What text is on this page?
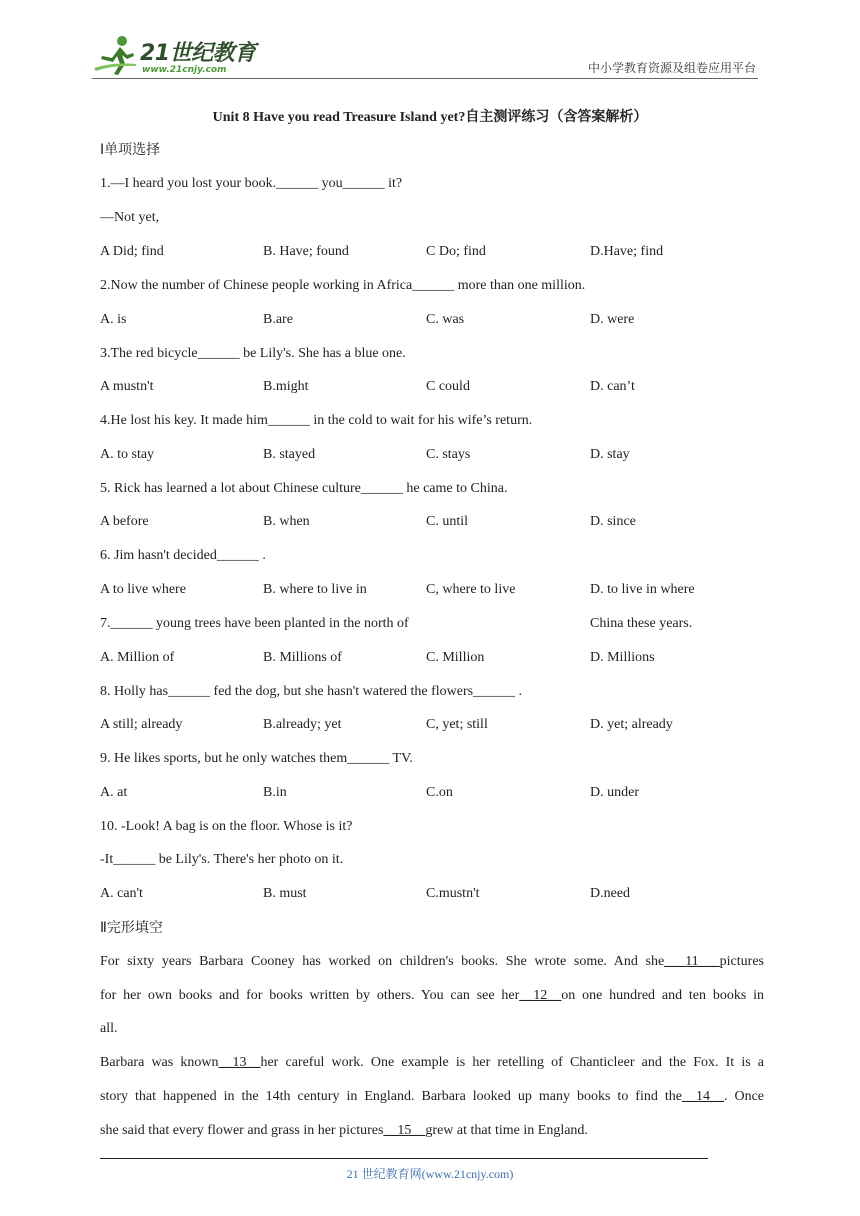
21世纪教育
www.21cnjy.com	中小学教育资源及组卷应用平台
Unit 8 Have you read Treasure Island yet?自主测评练习（含答案解析）
Ⅰ单项选择
1.—I heard you lost your book.______ you______ it?
—Not yet,
A Did; find	B. Have; found	C Do; find	D.Have; find
2.Now the number of Chinese people working in Africa______ more than one million.
A. is	B.are	C. was	D. were
3.The red bicycle______ be Lily's. She has a blue one.
A mustn't	B.might	C could	D. can’t
4.He lost his key. It made him______ in the cold to wait for his wife’s return.
A. to stay	B. stayed	C. stays	D. stay
5. Rick has learned a lot about Chinese culture______ he came to China.
A before	B. when	C. until	D. since
6. Jim hasn't decided______ .
A to live where	B. where to live in	C, where to live	D. to live in where
7.______ young trees have been planted in the north of	China these years.
A. Million of	B. Millions of	C. Million	D. Millions
8. Holly has______ fed the dog, but she hasn't watered the flowers______ .
A still; already	B.already; yet	C, yet; still	D. yet; already
9. He likes sports, but he only watches them______ TV.
A. at	B.in	C.on	D. under
10. -Look! A bag is on the floor. Whose is it?
-It______ be Lily's. There's her photo on it.
A. can't	B. must	C.mustn't	D.need
Ⅱ完形填空
For sixty years Barbara Cooney has worked on children's books. She wrote some. And she___11___pictures
for her own books and for books written by others. You can see her__12__on one hundred and ten books in
all.
Barbara was known__13__her careful work. One example is her retelling of Chanticleer and the Fox. It is a
story that happened in the 14th century in England. Barbara looked up many books to find the__14__. Once
she said that every flower and grass in her pictures__15__grew at that time in England.
21 世纪教育网(www.21cnjy.com)
